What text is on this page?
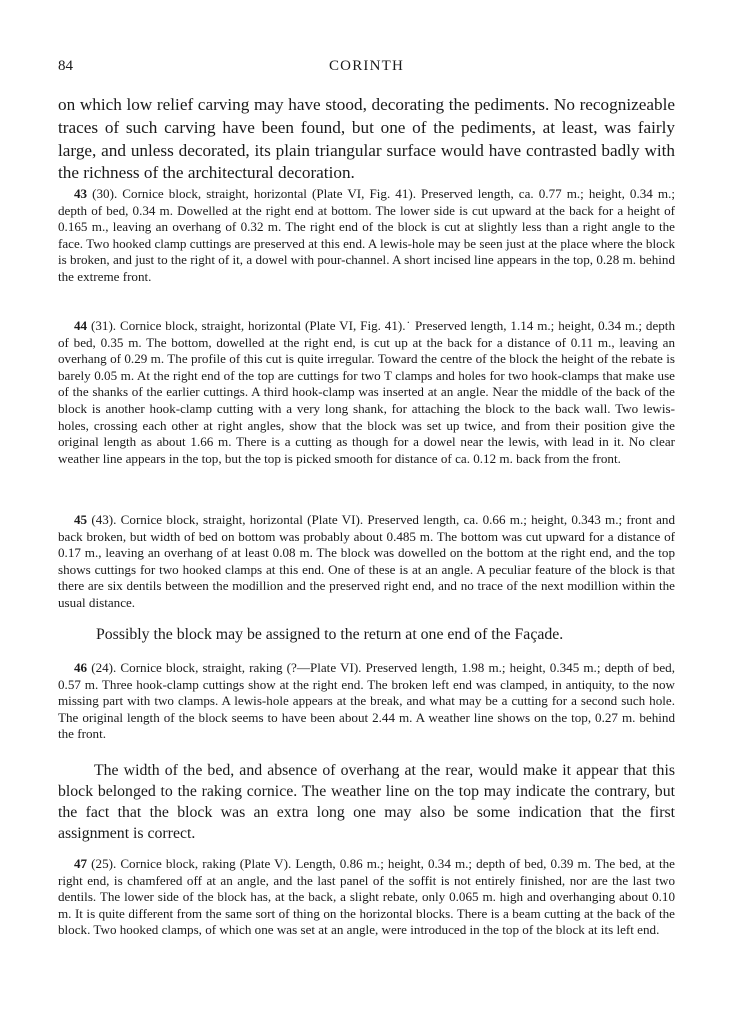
84	CORINTH

on which low relief carving may have stood, decorating the pediments. No recognizeable traces of such carving have been found, but one of the pediments, at least, was fairly large, and unless decorated, its plain triangular surface would have contrasted badly with the richness of the architectural decoration.

43 (30). Cornice block, straight, horizontal (Plate VI, Fig. 41). Preserved length, ca. 0.77 m.; height, 0.34 m.; depth of bed, 0.34 m. Dowelled at the right end at bottom. The lower side is cut upward at the back for a height of 0.165 m., leaving an overhang of 0.32 m. The right end of the block is cut at slightly less than a right angle to the face. Two hooked clamp cuttings are preserved at this end. A lewis-hole may be seen just at the place where the block is broken, and just to the right of it, a dowel with pour-channel. A short incised line appears in the top, 0.28 m. behind the extreme front.

44 (31). Cornice block, straight, horizontal (Plate VI, Fig. 41).˙ Preserved length, 1.14 m.; height, 0.34 m.; depth of bed, 0.35 m. The bottom, dowelled at the right end, is cut up at the back for a distance of 0.11 m., leaving an overhang of 0.29 m. The profile of this cut is quite irregular. Toward the centre of the block the height of the rebate is barely 0.05 m. At the right end of the top are cuttings for two T clamps and holes for two hook-clamps that make use of the shanks of the earlier cuttings. A third hook-clamp was inserted at an angle. Near the middle of the back of the block is another hook-clamp cutting with a very long shank, for attaching the block to the back wall. Two lewis-holes, crossing each other at right angles, show that the block was set up twice, and from their position give the original length as about 1.66 m. There is a cutting as though for a dowel near the lewis, with lead in it. No clear weather line appears in the top, but the top is picked smooth for distance of ca. 0.12 m. back from the front.

45 (43). Cornice block, straight, horizontal (Plate VI). Preserved length, ca. 0.66 m.; height, 0.343 m.; front and back broken, but width of bed on bottom was probably about 0.485 m. The bottom was cut upward for a distance of 0.17 m., leaving an overhang of at least 0.08 m. The block was dowelled on the bottom at the right end, and the top shows cuttings for two hooked clamps at this end. One of these is at an angle. A peculiar feature of the block is that there are six dentils between the modillion and the preserved right end, and no trace of the next modillion within the usual distance.

Possibly the block may be assigned to the return at one end of the Façade.

46 (24). Cornice block, straight, raking (?—Plate VI). Preserved length, 1.98 m.; height, 0.345 m.; depth of bed, 0.57 m. Three hook-clamp cuttings show at the right end. The broken left end was clamped, in antiquity, to the now missing part with two clamps. A lewis-hole appears at the break, and what may be a cutting for a second such hole. The original length of the block seems to have been about 2.44 m. A weather line shows on the top, 0.27 m. behind the front.

The width of the bed, and absence of overhang at the rear, would make it appear that this block belonged to the raking cornice. The weather line on the top may indicate the contrary, but the fact that the block was an extra long one may also be some indication that the first assignment is correct.

47 (25). Cornice block, raking (Plate V). Length, 0.86 m.; height, 0.34 m.; depth of bed, 0.39 m. The bed, at the right end, is chamfered off at an angle, and the last panel of the soffit is not entirely finished, nor are the last two dentils. The lower side of the block has, at the back, a slight rebate, only 0.065 m. high and overhanging about 0.10 m. It is quite different from the same sort of thing on the horizontal blocks. There is a beam cutting at the back of the block. Two hooked clamps, of which one was set at an angle, were introduced in the top of the block at its left end.
